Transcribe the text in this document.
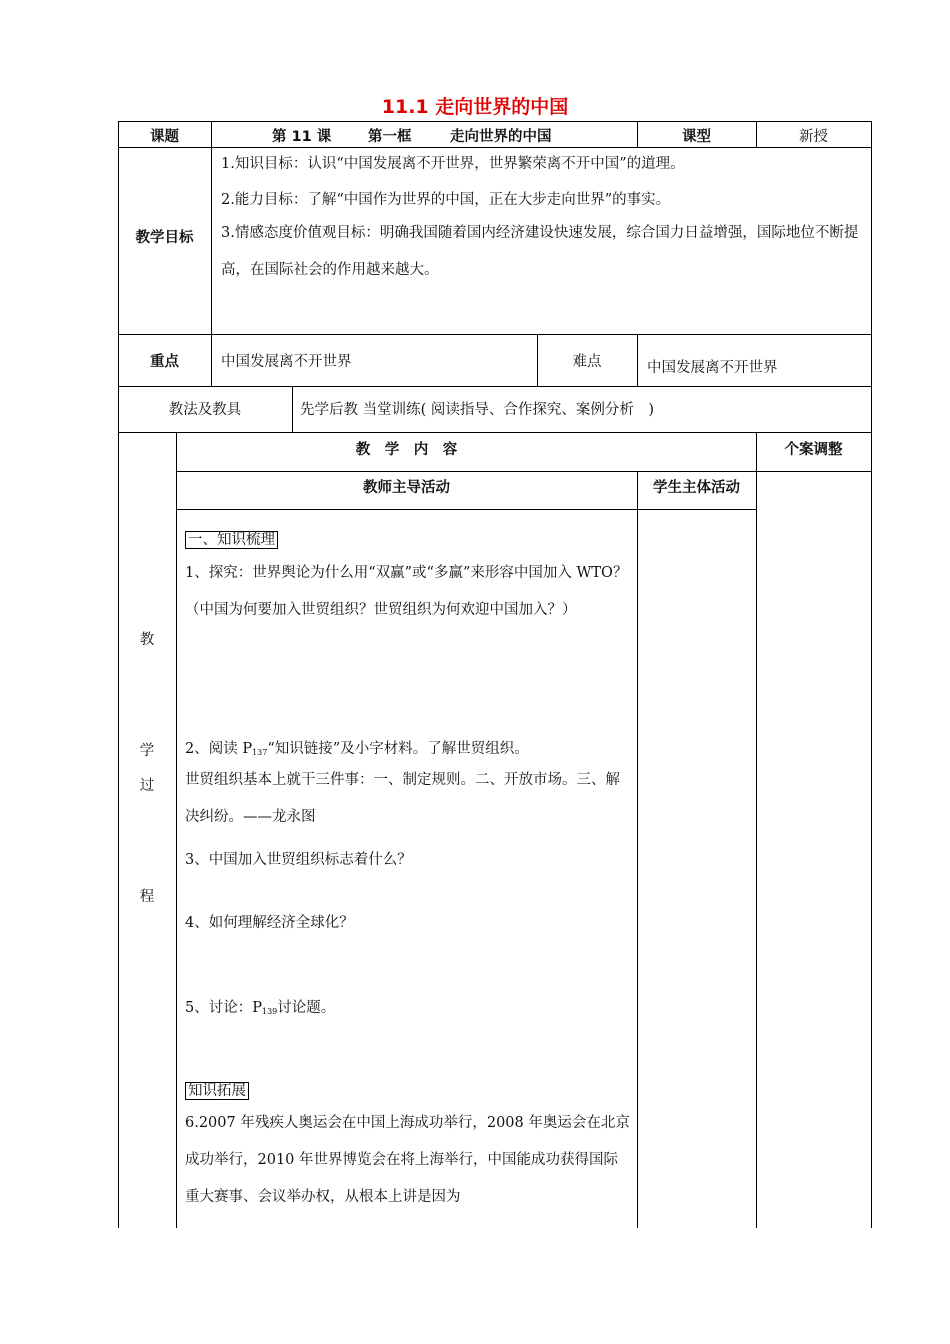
11.1 走向世界的中国
课题	第 11 课	第一框	走向世界的中国	课型	新授
教学目标
1.知识目标：认识“中国发展离不开世界，世界繁荣离不开中国”的道理。
2.能力目标：了解“中国作为世界的中国，正在大步走向世界”的事实。
3.情感态度价值观目标：明确我国随着国内经济建设快速发展，综合国力日益增强，国际地位不断提高，在国际社会的作用越来越大。
重点	中国发展离不开世界	难点	中国发展离不开世界
教法及教具	先学后教 当堂训练( 阅读指导、合作探究、案例分析　)
教　学　内　容	个案调整
教师主导活动	学生主体活动
教
学
过
程
一、知识梳理
1、探究：世界舆论为什么用“双赢”或“多赢”来形容中国加入 WTO？（中国为何要加入世贸组织？世贸组织为何欢迎中国加入？）
2、阅读 $P_{137}“$知识链接”及小字材料。了解世贸组织。
世贸组织基本上就干三件事：一、制定规则。二、开放市场。三、解决纠纷。——龙永图
3、中国加入世贸组织标志着什么？
4、如何理解经济全球化？
5、讨论：$P_{139}$讨论题。
知识拓展
6.2007 年残疾人奥运会在中国上海成功举行，2008 年奥运会在北京成功举行，2010 年世界博览会在将上海举行，中国能成功获得国际重大赛事、会议举办权，从根本上讲是因为
